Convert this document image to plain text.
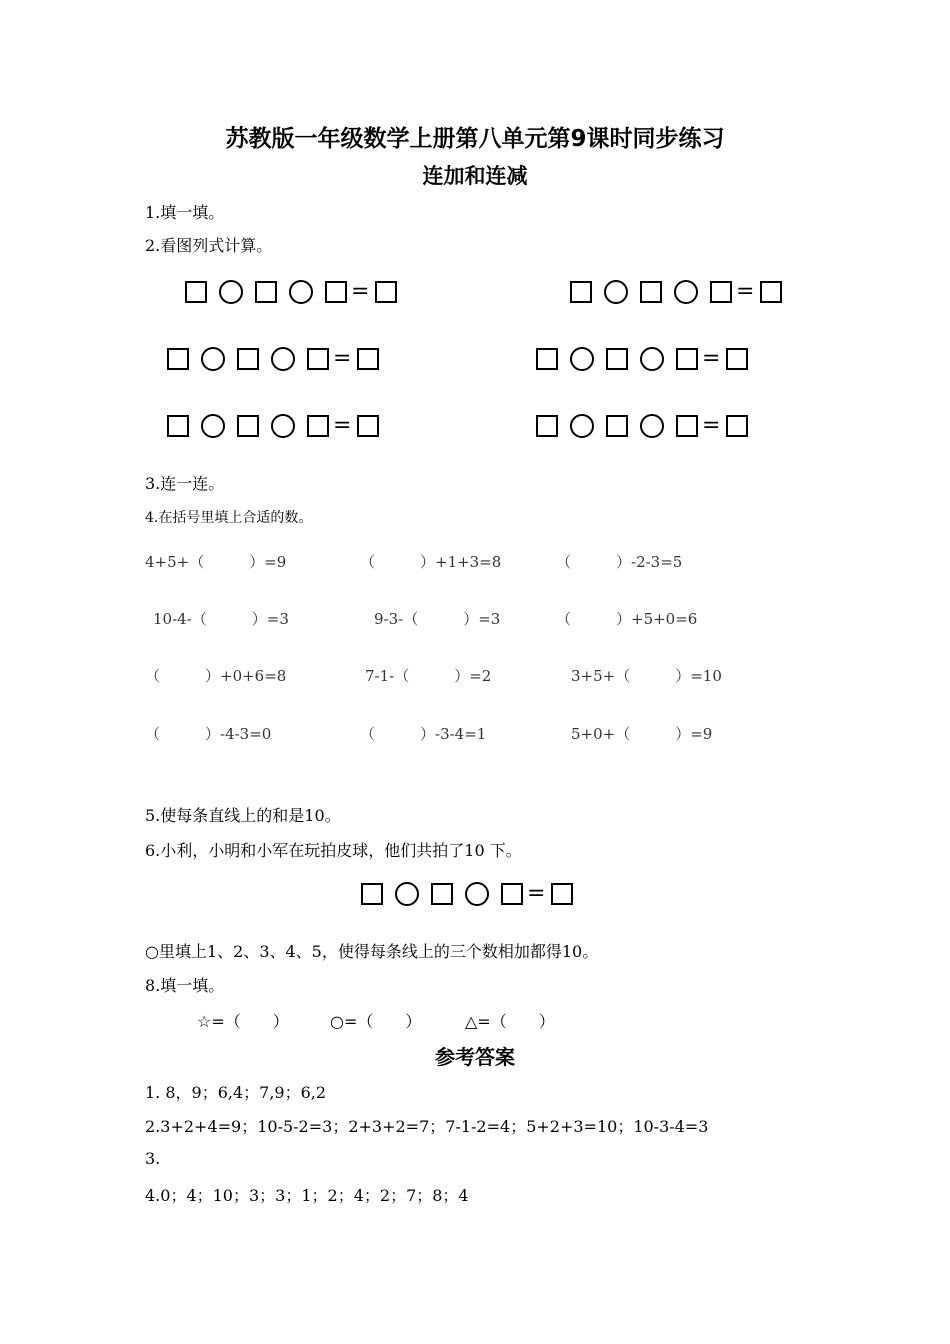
苏教版一年级数学上册第八单元第9课时同步练习
连加和连减
1.填一填。
2.看图列式计算。
=	=
=	=
=	=
3.连一连。
4.在括号里填上合适的数。
4+5+（　　　）=9	（　　　）+1+3=8	（　　　）-2-3=5
10-4-（　　　）=3	9-3-（　　　）=3	（　　　）+5+0=6
（　　　）+0+6=8	7-1-（　　　）=2	3+5+（　　　）=10
（　　　）-4-3=0	（　　　）-3-4=1	5+0+（　　　）=9
5.使每条直线上的和是10。
6.小利，小明和小军在玩拍皮球，他们共拍了10 下。
=
○里填上1、2、3、4、5，使得每条线上的三个数相加都得10。
8.填一填。
☆=（　　）	○=（　　）	△=（　　）
参考答案
1. 8，9；6,4；7,9；6,2
2.3+2+4=9；10-5-2=3；2+3+2=7；7-1-2=4；5+2+3=10；10-3-4=3
3.
4.0；4；10；3；3；1；2；4；2；7；8；4
